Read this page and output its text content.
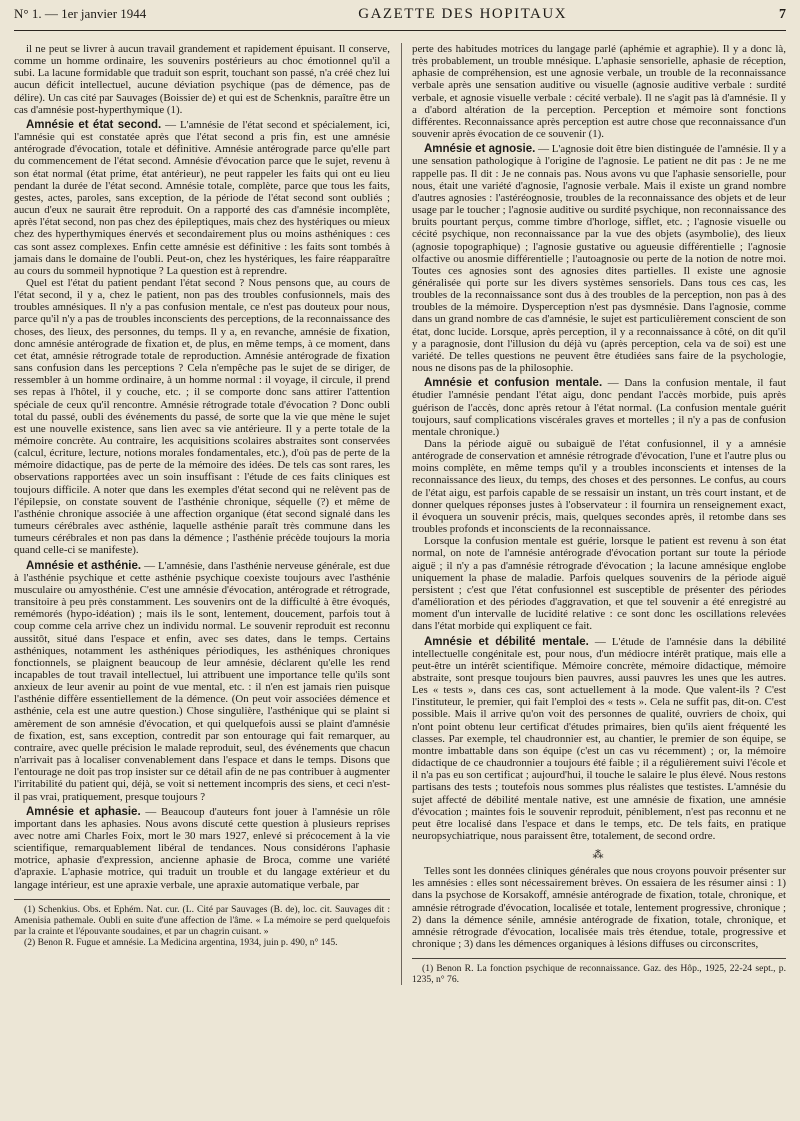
N° 1. — 1er janvier 1944	GAZETTE DES HOPITAUX	7

il ne peut se livrer à aucun travail grandement et rapidement épuisant. Il conserve, comme un homme ordinaire, les souvenirs postérieurs au choc émotionnel qu'il a subi. La lacune formidable que traduit son esprit, touchant son passé, n'a créé chez lui aucun déficit intellectuel, aucune déviation psychique (pas de démence, pas de délire). Un cas cité par Sauvages (Boissier de) et qui est de Schenknis, paraître être un cas d'amnésie post-hyperthymique (1).

Amnésie et état second. — L'amnésie de l'état second et spécialement, ici, l'amnésie qui est constatée après que l'état second a pris fin, est une amnésie antérograde d'évocation, totale et définitive. Amnésie antérograde parce qu'elle part du commencement de l'état second. Amnésie d'évocation parce que le sujet, revenu à son état normal (état prime, état antérieur), ne peut rappeler les faits qui ont eu lieu pendant la durée de l'état second. Amnésie totale, complète, parce que tous les faits, gestes, actes, paroles, sans exception, de la période de l'état second sont oubliés ; aucun d'eux ne saurait être reproduit. On a rapporté des cas d'amnésie incomplète, après l'état second, non pas chez des épileptiques, mais chez des hystériques ou mieux chez des hyperthymiques énervés et secondairement plus ou moins asthéniques : ces cas sont assez complexes. Enfin cette amnésie est définitive : les faits sont tombés à jamais dans le domaine de l'oubli. Peut-on, chez les hystériques, les faire réapparaître au cours du sommeil hypnotique ? La question est à reprendre.

Quel est l'état du patient pendant l'état second ? Nous pensons que, au cours de l'état second, il y a, chez le patient, non pas des troubles confusionnels, mais des troubles amnésiques. Il n'y a pas confusion mentale, ce n'est pas douteux pour nous, parce qu'il n'y a pas de troubles inconscients des perceptions, de la reconnaissance des choses, des lieux, des personnes, du temps. Il y a, en revanche, amnésie de fixation, donc amnésie antérograde de fixation et, de plus, en même temps, à ce moment, dans cet état, amnésie rétrograde totale de reproduction. Amnésie antérograde de fixation sans confusion dans les perceptions ? Cela n'empêche pas le sujet de se diriger, de ressembler à un homme ordinaire, à un homme normal : il voyage, il circule, il prend ses repas à l'hôtel, il y couche, etc. ; il se comporte donc sans attirer l'attention spéciale de ceux qu'il rencontre. Amnésie rétrograde totale d'évocation ? Donc oubli total du passé, oubli des événements du passé, de sorte que la vie que mène le sujet est une nouvelle existence, sans lien avec sa vie antérieure. Il y a perte totale de la mémoire concrète. Au contraire, les acquisitions scolaires abstraites sont conservées (calcul, écriture, lecture, notions morales fondamentales, etc.), d'où pas de perte de la mémoire didactique, pas de perte de la mémoire des idées. De tels cas sont rares, les observations rapportées avec un soin insuffisant : l'étude de ces faits cliniques est toujours difficile. A noter que dans les exemples d'état second qui ne relèvent pas de l'épilepsie, on constate souvent de l'asthénie chronique, séquelle (?) et même de l'asthénie chronique associée à une affection organique (état second signalé dans les tumeurs cérébrales avec asthénie, laquelle asthénie paraît très commune dans les tumeurs cérébrales et non pas dans la démence ; l'asthénie précède toujours la moria quand celle-ci se manifeste).

Amnésie et asthénie. — L'amnésie, dans l'asthénie nerveuse générale, est due à l'asthénie psychique et cette asthénie psychique coexiste toujours avec l'asthénie musculaire ou amyosthénie. C'est une amnésie d'évocation, antérograde et rétrograde, transitoire à peu près constamment. Les souvenirs ont de la difficulté à être évoqués, remémorés (hypo-idéation) ; mais ils le sont, lentement, doucement, parfois tout à coup comme cela arrive chez un individu normal. Le souvenir reproduit est reconnu aussitôt, situé dans l'espace et enfin, avec ses dates, dans le temps. Certains asthéniques, notamment les asthéniques périodiques, les asthéniques chroniques fonctionnels, se plaignent beaucoup de leur amnésie, déclarent qu'elle les rend incapables de tout travail intellectuel, lui attribuent une importance telle qu'ils sont anxieux de leur avenir au point de vue mental, etc. : il n'en est jamais rien puisque l'asthénie diffère essentiellement de la démence. (On peut voir associées démence et asthénie, cela est une autre question.) Chose singulière, l'asthénique qui se plaint si amèrement de son amnésie d'évocation, et qui quelquefois aussi se plaint d'amnésie de fixation, est, sans exception, contredit par son entourage qui fait remarquer, au contraire, avec quelle précision le malade reproduit, seul, des événements que chacun n'arrivait pas à localiser convenablement dans l'espace et dans le temps. Disons que l'entourage ne doit pas trop insister sur ce détail afin de ne pas contribuer à augmenter l'irritabilité du patient qui, déjà, se voit si nettement incompris des siens, et ceci n'est-il pas vrai, pratiquement, presque toujours ?

Amnésie et aphasie. — Beaucoup d'auteurs font jouer à l'amnésie un rôle important dans les aphasies. Nous avons discuté cette question à plusieurs reprises avec notre ami Charles Foix, mort le 30 mars 1927, enlevé si précocement à la vie scientifique, remarquablement libéral de tendances. Nous considérons l'aphasie motrice, aphasie d'expression, ancienne aphasie de Broca, comme une variété d'apraxie. L'aphasie motrice, qui traduit un trouble et du langage extérieur et du langage intérieur, est une apraxie verbale, une apraxie automatique verbale, par

(1) Schenkius. Obs. et Ephém. Nat. cur. (L. Cité par Sauvages (B. de), loc. cit. Sauvages dit : Amenisia pathemale. Oubli en suite d'une affection de l'âme. « La mémoire se perd quelquefois par la crainte et l'épouvante soudaines, et par un chagrin cuisant. »

(2) Benon R. Fugue et amnésie. La Medicina argentina, 1934, juin p. 490, n° 145.

perte des habitudes motrices du langage parlé (aphémie et agraphie). Il y a donc là, très probablement, un trouble mnésique. L'aphasie sensorielle, aphasie de réception, aphasie de compréhension, est une agnosie verbale, un trouble de la reconnaissance verbale après une sensation auditive ou visuelle (agnosie auditive verbale : surdité verbale, et agnosie visuelle verbale : cécité verbale). Il ne s'agit pas là d'amnésie. Il y a d'abord altération de la perception. Perception et mémoire sont fonctions différentes. Reconnaissance après perception est autre chose que reconnaissance d'un souvenir après évocation de ce souvenir (1).

Amnésie et agnosie. — L'agnosie doit être bien distinguée de l'amnésie. Il y a une sensation pathologique à l'origine de l'agnosie. Le patient ne dit pas : Je ne me rappelle pas. Il dit : Je ne connais pas. Nous avons vu que l'aphasie sensorielle, pour nous, était une variété d'agnosie, l'agnosie verbale. Mais il existe un grand nombre d'autres agnosies : l'astéréognosie, troubles de la reconnaissance des objets et de leur usage par le toucher ; l'agnosie auditive ou surdité psychique, non reconnaissance des bruits pourtant perçus, comme timbre d'horloge, sifflet, etc. ; l'agnosie visuelle ou cécité psychique, non reconnaissance par la vue des objets (asymbolie), des lieux (agnosie topographique) ; l'agnosie gustative ou agueusie différentielle ; l'agnosie olfactive ou anosmie différentielle ; l'autoagnosie ou perte de la notion de notre moi. Toutes ces agnosies sont des agnosies dites partielles. Il existe une agnosie généralisée qui porte sur les divers systèmes sensoriels. Dans tous ces cas, les troubles de la reconnaissance sont dus à des troubles de la perception, non pas à des troubles de la mémoire. Dysperception n'est pas dysmnésie. Dans l'agnosie, comme dans un grand nombre de cas d'amnésie, le sujet est particulièrement conscient de son état, donc lucide. Lorsque, après perception, il y a reconnaissance à côté, on dit qu'il y a paragnosie, dont l'illusion du déjà vu (après perception, cela va de soi) est une variété. De telles questions ne peuvent être étudiées sans faire de la psychologie, nous ne disons pas de la philosophie.

Amnésie et confusion mentale. — Dans la confusion mentale, il faut étudier l'amnésie pendant l'état aigu, donc pendant l'accès morbide, puis après guérison de l'accès, donc après retour à l'état normal. (La confusion mentale guérit toujours, sauf complications viscérales graves et mortelles ; il n'y a pas de confusion mentale chronique.)

Dans la période aiguë ou subaiguë de l'état confusionnel, il y a amnésie antérograde de conservation et amnésie rétrograde d'évocation, l'une et l'autre plus ou moins complète, en même temps qu'il y a troubles inconscients et intenses de la reconnaissance des lieux, du temps, des choses et des personnes. Le confus, au cours de l'état aigu, est parfois capable de se ressaisir un instant, un très court instant, et de donner quelques réponses justes à l'observateur : il fournira un renseignement exact, il évoquera un souvenir précis, mais, quelques secondes après, il retombe dans ses troubles profonds et inconscients de la reconnaissance.

Lorsque la confusion mentale est guérie, lorsque le patient est revenu à son état normal, on note de l'amnésie antérograde d'évocation portant sur toute la période aiguë ; il n'y a pas d'amnésie rétrograde d'évocation ; la lacune amnésique englobe uniquement la phase de maladie. Parfois quelques souvenirs de la période aiguë persistent ; c'est que l'état confusionnel est susceptible de présenter des périodes d'amélioration et des périodes d'aggravation, et que tel souvenir a été enregistré au moment d'un intervalle de lucidité relative : ce sont donc les oscillations relevées dans l'état morbide qui expliquent ce fait.

Amnésie et débilité mentale. — L'étude de l'amnésie dans la débilité intellectuelle congénitale est, pour nous, d'un médiocre intérêt pratique, mais elle a peut-être un intérêt scientifique. Mémoire concrète, mémoire didactique, mémoire abstraite, sont presque toujours bien pauvres, aussi pauvres les unes que les autres. Les « tests », dans ces cas, sont actuellement à la mode. Que valent-ils ? C'est l'instituteur, le premier, qui fait l'emploi des « tests ». Cela ne suffit pas, dit-on. C'est possible. Mais il arrive qu'on voit des personnes de qualité, ouvriers de choix, qui n'ont point obtenu leur certificat d'études primaires, bien qu'ils aient fréquenté les classes. Par exemple, tel chaudronnier est, au chantier, le premier de son équipe, se montre imbattable dans son équipe (c'est un cas vu récemment) ; or, la mémoire didactique de ce chaudronnier a toujours été faible ; il a régulièrement suivi l'école et il n'a pas eu son certificat ; aujourd'hui, il touche le salaire le plus élevé. Nous restons partisans des tests ; toutefois nous sommes plus réalistes que testistes. L'amnésie du sujet affecté de débilité mentale native, est une amnésie de fixation, une amnésie d'évocation ; maintes fois le souvenir reproduit, péniblement, n'est pas reconnu et ne peut être localisé dans l'espace et dans le temps, etc. De tels faits, en pratique neuropsychiatrique, nous paraissent être, totalement, de second ordre.

⁂

Telles sont les données cliniques générales que nous croyons pouvoir présenter sur les amnésies : elles sont nécessairement brèves. On essaiera de les résumer ainsi : 1) dans la psychose de Korsakoff, amnésie antérograde de fixation, totale, chronique, et amnésie rétrograde d'évocation, localisée et totale, lentement progressive, chronique ; 2) dans la démence sénile, amnésie antérograde de fixation, totale, chronique, et amnésie rétrograde d'évocation, localisée mais très étendue, totale, progressive et chronique ; 3) dans les démences organiques à lésions diffuses ou circonscrites,

(1) Benon R. La fonction psychique de reconnaissance. Gaz. des Hôp., 1925, 22-24 sept., p. 1235, n° 76.
